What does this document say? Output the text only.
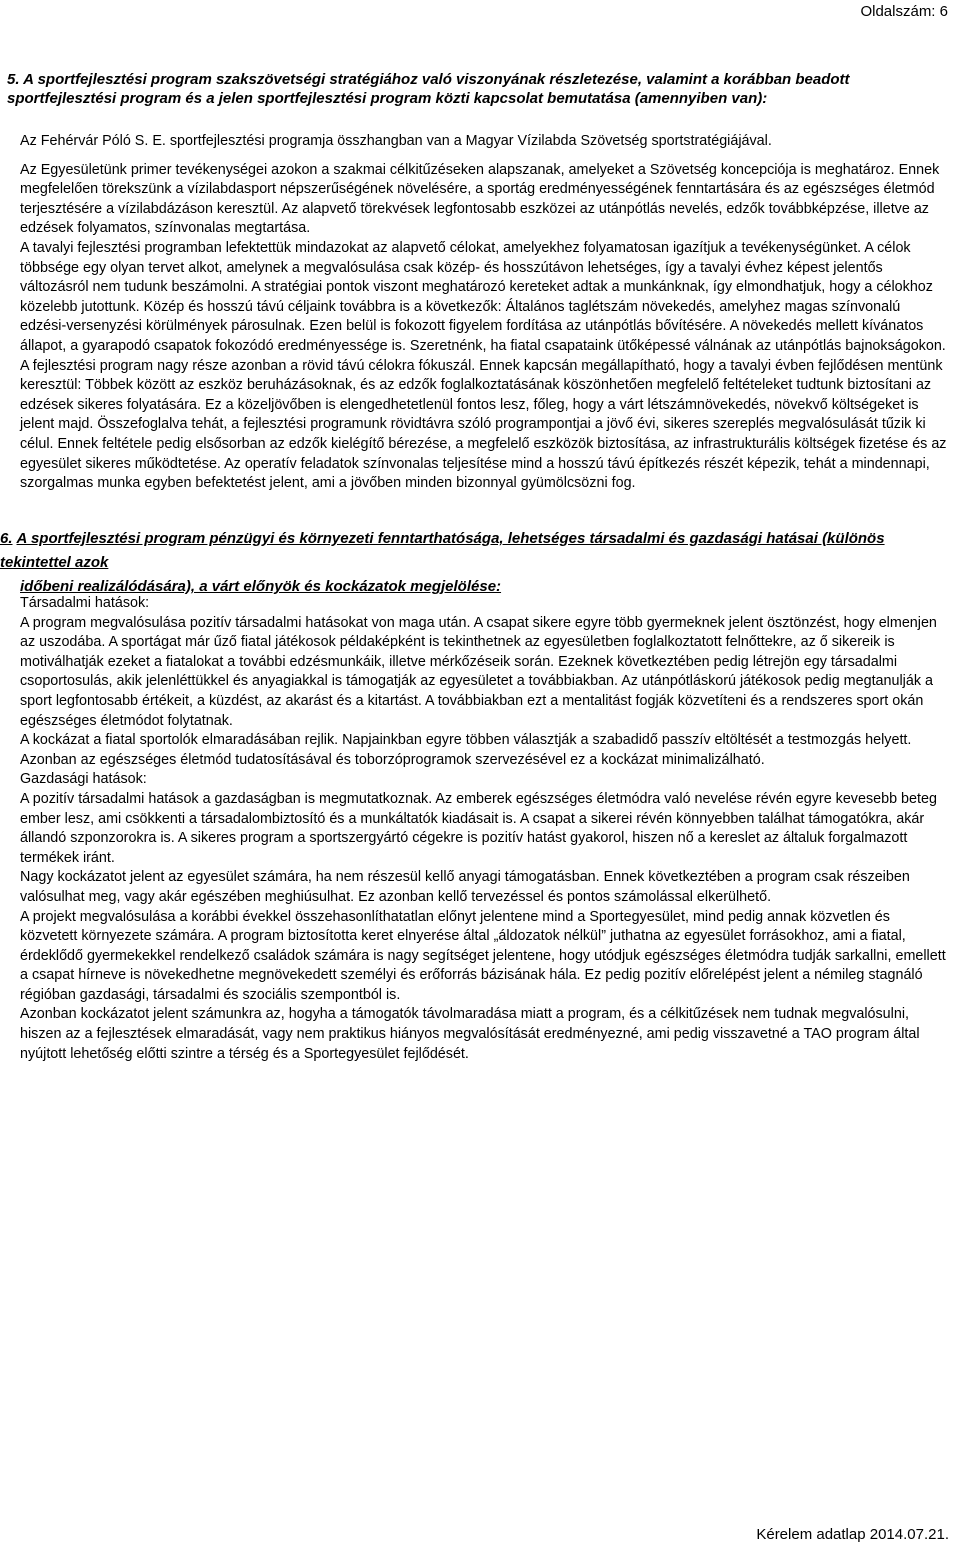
Oldalszám: 6
5. A sportfejlesztési program szakszövetségi stratégiához való viszonyának részletezése, valamint a korábban beadott sportfejlesztési program és a jelen sportfejlesztési program közti kapcsolat bemutatása (amennyiben van):
Az Fehérvár Póló S. E. sportfejlesztési programja összhangban van a Magyar Vízilabda Szövetség sportstratégiájával.

Az Egyesületünk primer tevékenységei azokon a szakmai célkitűzéseken alapszanak, amelyeket a Szövetség koncepciója is meghatároz. Ennek megfelelően törekszünk a vízilabdasport népszerűségének növelésére, a sportág eredményességének fenntartására és az egészséges életmód terjesztésére a vízilabdázáson keresztül. Az alapvető törekvések legfontosabb eszközei az utánpótlás nevelés, edzők továbbképzése, illetve az edzések folyamatos, színvonalas megtartása.

A tavalyi fejlesztési programban lefektettük mindazokat az alapvető célokat, amelyekhez folyamatosan igazítjuk a tevékenységünket. A célok többsége egy olyan tervet alkot, amelynek a megvalósulása csak közép- és hosszútávon lehetséges, így a tavalyi évhez képest jelentős változásról nem tudunk beszámolni. A stratégiai pontok viszont meghatározó kereteket adtak a munkánknak, így elmondhatjuk, hogy a célokhoz közelebb jutottunk. Közép és hosszú távú céljaink továbbra is a következők: Általános taglétszám növekedés, amelyhez magas színvonalú edzési-versenyzési körülmények párosulnak. Ezen belül is fokozott figyelem fordítása az utánpótlás bővítésére. A növekedés mellett kívánatos állapot, a gyarapodó csapatok fokozódó eredményessége is. Szeretnénk, ha fiatal csapataink ütőképessé válnának az utánpótlás bajnokságokon. A fejlesztési program nagy része azonban a rövid távú célokra fókuszál. Ennek kapcsán megállapítható, hogy a tavalyi évben fejlődésen mentünk keresztül: Többek között az eszköz beruházásoknak, és az edzők foglalkoztatásának köszönhetően megfelelő feltételeket tudtunk biztosítani az edzések sikeres folyatására. Ez a közeljövőben is elengedhetetlenül fontos lesz, főleg, hogy a várt létszámnövekedés, növekvő költségeket is jelent majd. Összefoglalva tehát, a fejlesztési programunk rövidtávra szóló programpontjai a jövő évi, sikeres szereplés megvalósulását tűzik ki célul. Ennek feltétele pedig elsősorban az edzők kielégítő bérezése, a megfelelő eszközök biztosítása, az infrastrukturális költségek fizetése és az egyesület sikeres működtetése. Az operatív feladatok színvonalas teljesítése mind a hosszú távú építkezés részét képezik, tehát a mindennapi, szorgalmas munka egyben befektetést jelent, ami a jövőben minden bizonnyal gyümölcsözni fog.

6. A sportfejlesztési program pénzügyi és környezeti fenntarthatósága, lehetséges társadalmi és gazdasági hatásai (különös tekintettel azok
időbeni realizálódására), a várt előnyök és kockázatok megjelölése:

Társadalmi hatások:

A program megvalósulása pozitív társadalmi hatásokat von maga után. A csapat sikere egyre több gyermeknek jelent ösztönzést, hogy elmenjen az uszodába. A sportágat már űző fiatal játékosok példaképként is tekinthetnek az egyesületben foglalkoztatott felnőttekre, az ő sikereik is motiválhatják ezeket a fiatalokat a további edzésmunkáik, illetve mérkőzéseik során. Ezeknek következtében pedig létrejön egy társadalmi csoportosulás, akik jelenléttükkel és anyagiakkal is támogatják az egyesületet a továbbiakban. Az utánpótláskorú játékosok pedig megtanulják a sport legfontosabb értékeit, a küzdést, az akarást és a kitartást. A továbbiakban ezt a mentalitást fogják közvetíteni és a rendszeres sport okán egészséges életmódot folytatnak.

A kockázat a fiatal sportolók elmaradásában rejlik. Napjainkban egyre többen választják a szabadidő passzív eltöltését a testmozgás helyett. Azonban az egészséges életmód tudatosításával és toborzóprogramok szervezésével ez a kockázat minimalizálható.

Gazdasági hatások:

A pozitív társadalmi hatások a gazdaságban is megmutatkoznak. Az emberek egészséges életmódra való nevelése révén egyre kevesebb beteg ember lesz, ami csökkenti a társadalombiztosító és a munkáltatók kiadásait is. A csapat a sikerei révén könnyebben találhat támogatókra, akár állandó szponzorokra is. A sikeres program a sportszergyártó cégekre is pozitív hatást gyakorol, hiszen nő a kereslet az általuk forgalmazott termékek iránt.

Nagy kockázatot jelent az egyesület számára, ha nem részesül kellő anyagi támogatásban. Ennek következtében a program csak részeiben valósulhat meg, vagy akár egészében meghiúsulhat. Ez azonban kellő tervezéssel és pontos számolással elkerülhető.

A projekt megvalósulása a korábbi évekkel összehasonlíthatatlan előnyt jelentene mind a Sportegyesület, mind pedig annak közvetlen és közvetett környezete számára. A program biztosította keret elnyerése által „áldozatok nélkül” juthatna az egyesület forrásokhoz, ami a fiatal, érdeklődő gyermekekkel rendelkező családok számára is nagy segítséget jelentene, hogy utódjuk egészséges életmódra tudják sarkallni, emellett a csapat hírneve is növekedhetne megnövekedett személyi és erőforrás bázisának hála. Ez pedig pozitív előrelépést jelent a némileg stagnáló régióban gazdasági, társadalmi és szociális szempontból is.

Azonban kockázatot jelent számunkra az, hogyha a támogatók távolmaradása miatt a program, és a célkitűzések nem tudnak megvalósulni, hiszen az a fejlesztések elmaradását, vagy nem praktikus hiányos megvalósítását eredményezné, ami pedig visszavetné a TAO program által nyújtott lehetőség előtti szintre a térség és a Sportegyesület fejlődését.

Kérelem adatlap 2014.07.21.
